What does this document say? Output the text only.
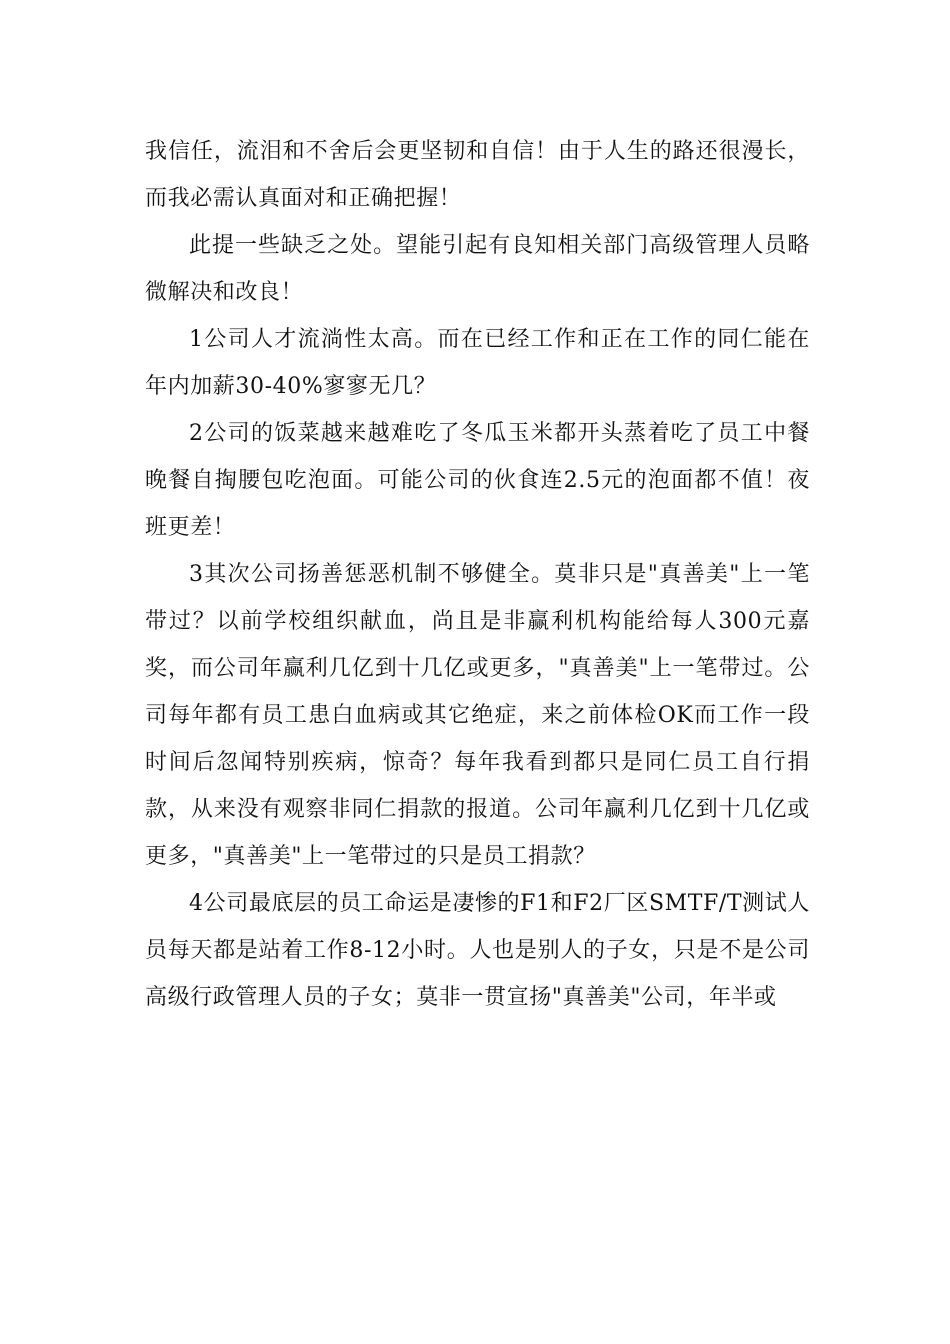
我信任，流泪和不舍后会更坚韧和自信！由于人生的路还很漫长，而我必需认真面对和正确把握！

此提一些缺乏之处。望能引起有良知相关部门高级管理人员略微解决和改良！

1公司人才流淌性太高。而在已经工作和正在工作的同仁能在年内加薪30-40%寥寥无几？

2公司的饭菜越来越难吃了冬瓜玉米都开头蒸着吃了员工中餐晚餐自掏腰包吃泡面。可能公司的伙食连2.5元的泡面都不值！夜班更差！

3其次公司扬善惩恶机制不够健全。莫非只是"真善美"上一笔带过？以前学校组织献血，尚且是非赢利机构能给每人300元嘉奖，而公司年赢利几亿到十几亿或更多，"真善美"上一笔带过。公司每年都有员工患白血病或其它绝症，来之前体检OK而工作一段时间后忽闻特别疾病，惊奇？每年我看到都只是同仁员工自行捐款，从来没有观察非同仁捐款的报道。公司年赢利几亿到十几亿或更多，"真善美"上一笔带过的只是员工捐款？

4公司最底层的员工命运是凄惨的F1和F2厂区SMTF/T测试人员每天都是站着工作8-12小时。人也是别人的子女，只是不是公司高级行政管理人员的子女；莫非一贯宣扬"真善美"公司，年半或
